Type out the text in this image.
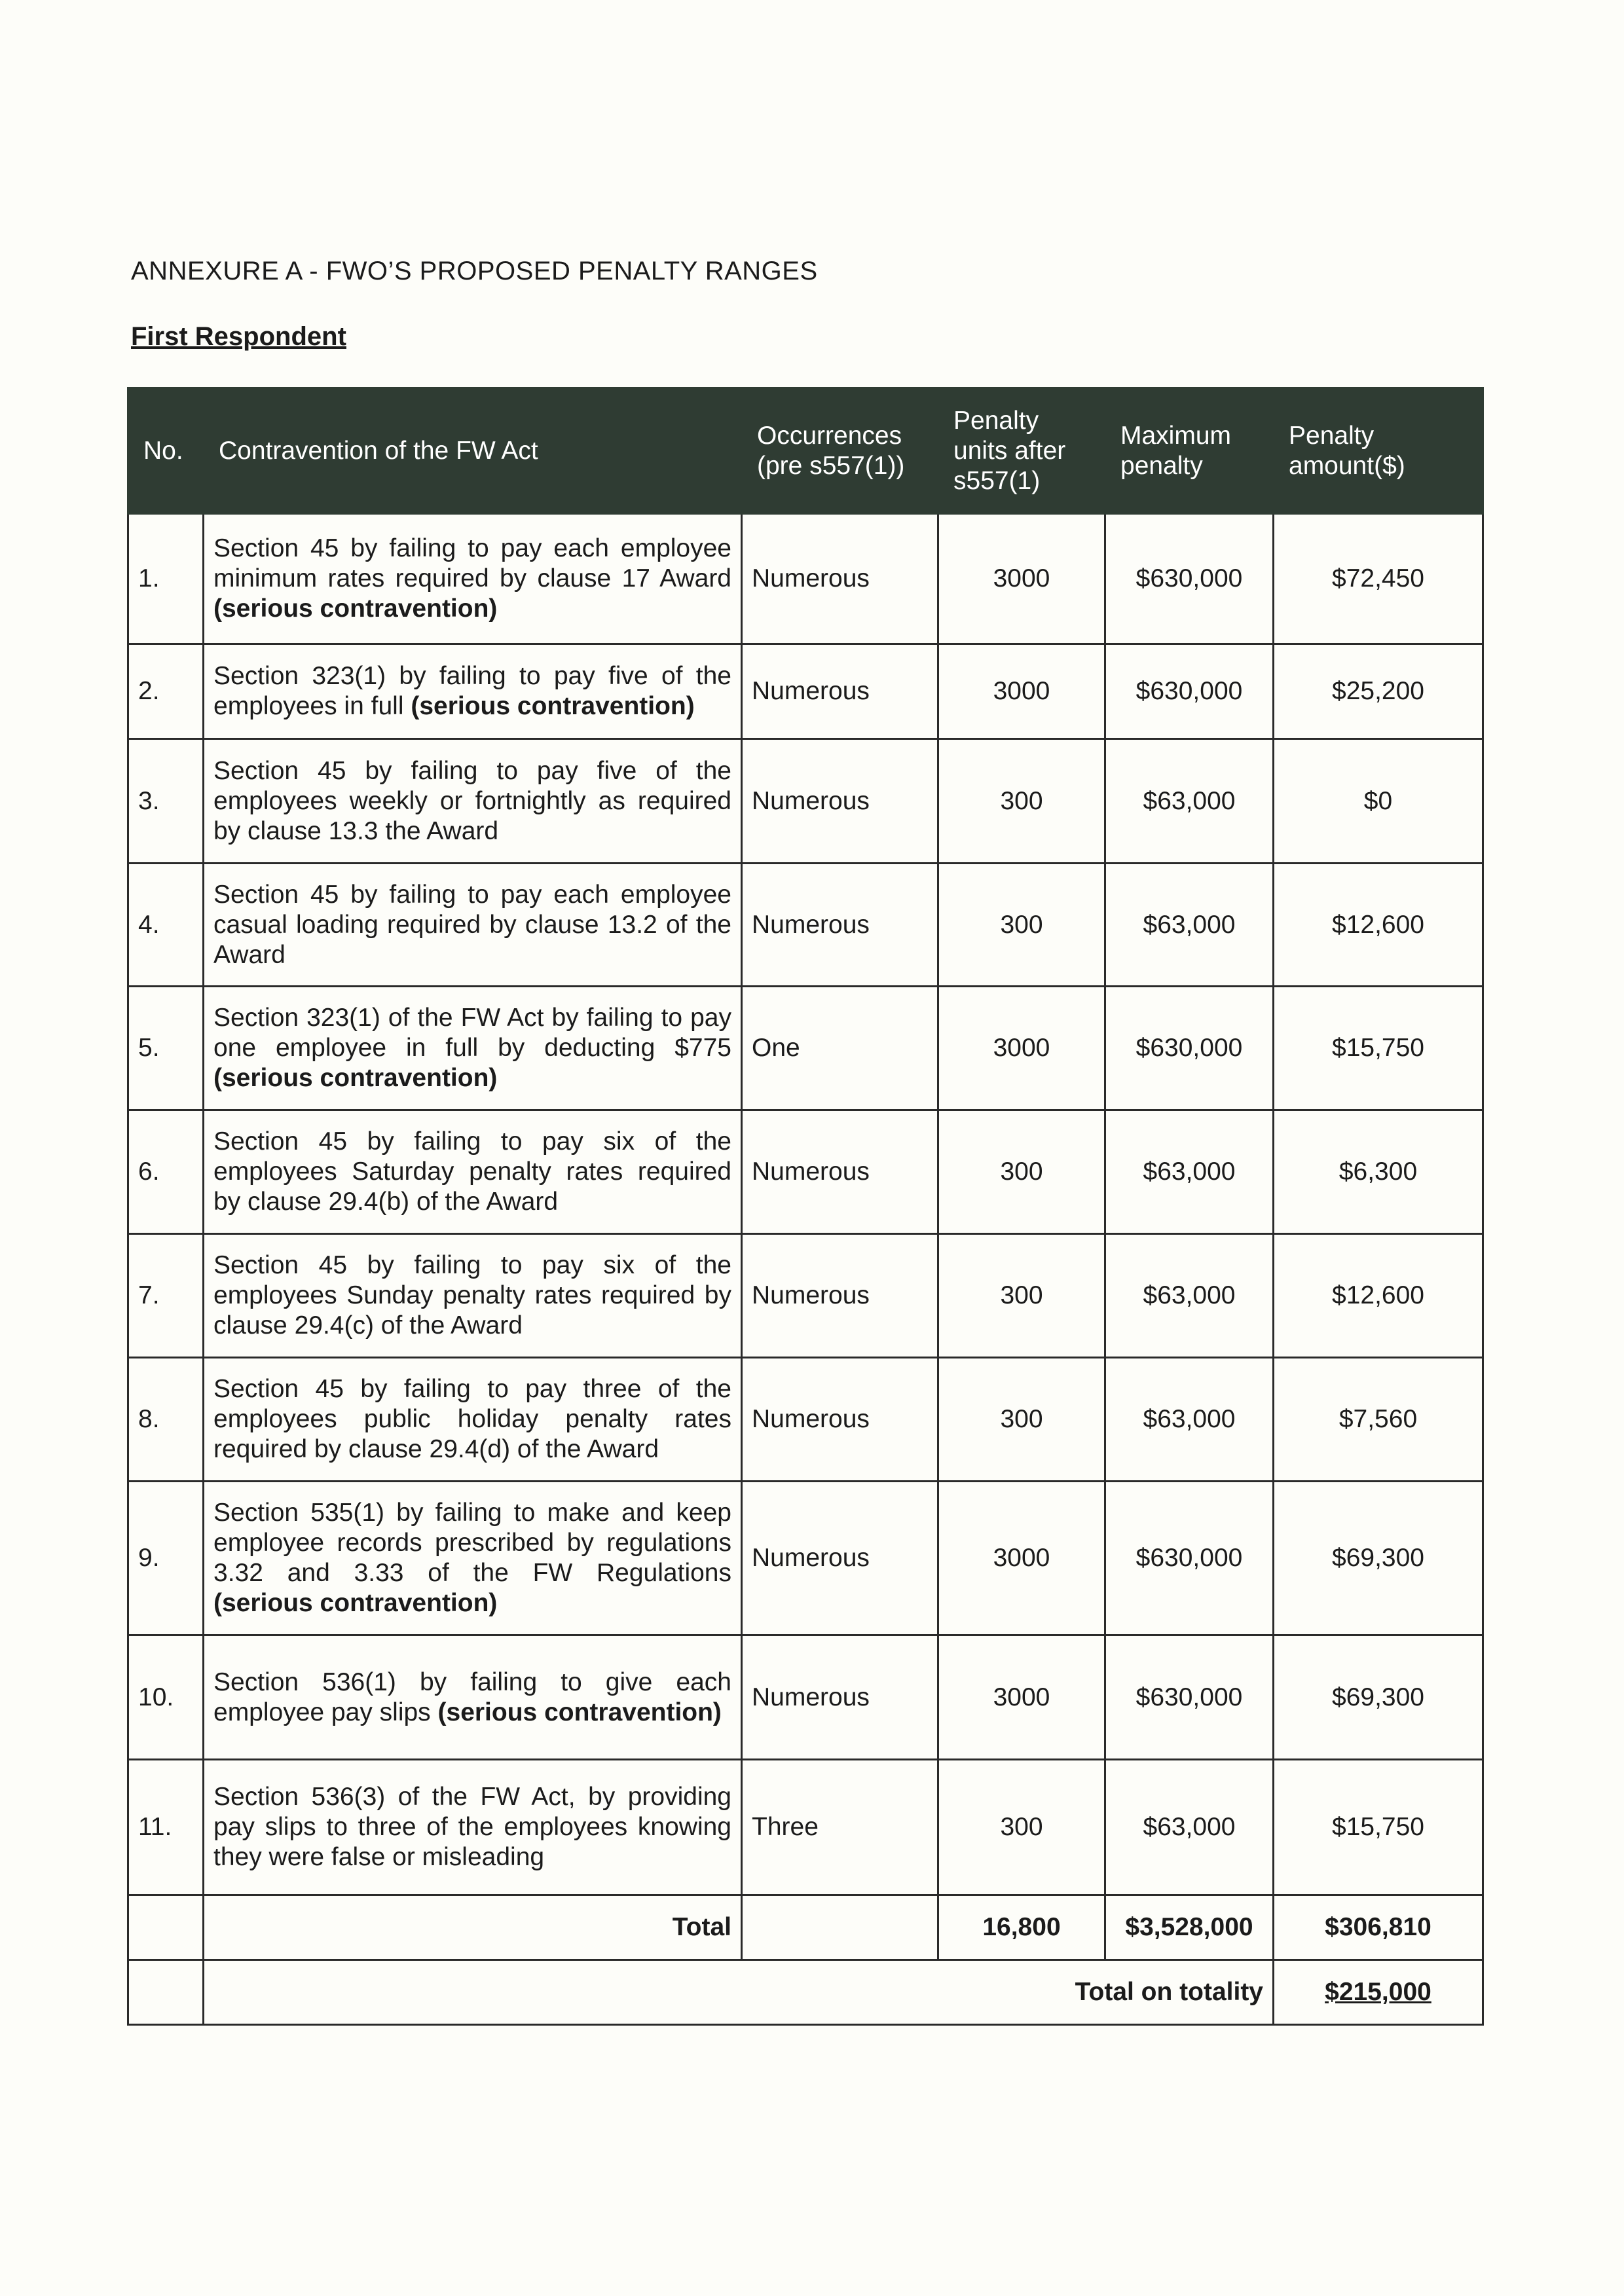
ANNEXURE A - FWO’S PROPOSED PENALTY RANGES
First Respondent
No.	Contravention of the FW Act	Occurrences (pre s557(1))	Penalty units after s557(1)	Maximum penalty	Penalty amount($)
1.	Section 45 by failing to pay each employee minimum rates required by clause 17 Award (serious contravention)	Numerous	3000	$630,000	$72,450
2.	Section 323(1) by failing to pay five of the employees in full (serious contravention)	Numerous	3000	$630,000	$25,200
3.	Section 45 by failing to pay five of the employees weekly or fortnightly as required by clause 13.3 the Award	Numerous	300	$63,000	$0
4.	Section 45 by failing to pay each employee casual loading required by clause 13.2 of the Award	Numerous	300	$63,000	$12,600
5.	Section 323(1) of the FW Act by failing to pay one employee in full by deducting $775 (serious contravention)	One	3000	$630,000	$15,750
6.	Section 45 by failing to pay six of the employees Saturday penalty rates required by clause 29.4(b) of the Award	Numerous	300	$63,000	$6,300
7.	Section 45 by failing to pay six of the employees Sunday penalty rates required by clause 29.4(c) of the Award	Numerous	300	$63,000	$12,600
8.	Section 45 by failing to pay three of the employees public holiday penalty rates required by clause 29.4(d) of the Award	Numerous	300	$63,000	$7,560
9.	Section 535(1) by failing to make and keep employee records prescribed by regulations 3.32 and 3.33 of the FW Regulations (serious contravention)	Numerous	3000	$630,000	$69,300
10.	Section 536(1) by failing to give each employee pay slips (serious contravention)	Numerous	3000	$630,000	$69,300
11.	Section 536(3) of the FW Act, by providing pay slips to three of the employees knowing they were false or misleading	Three	300	$63,000	$15,750
	Total		16,800	$3,528,000	$306,810
	Total on totality				$215,000
